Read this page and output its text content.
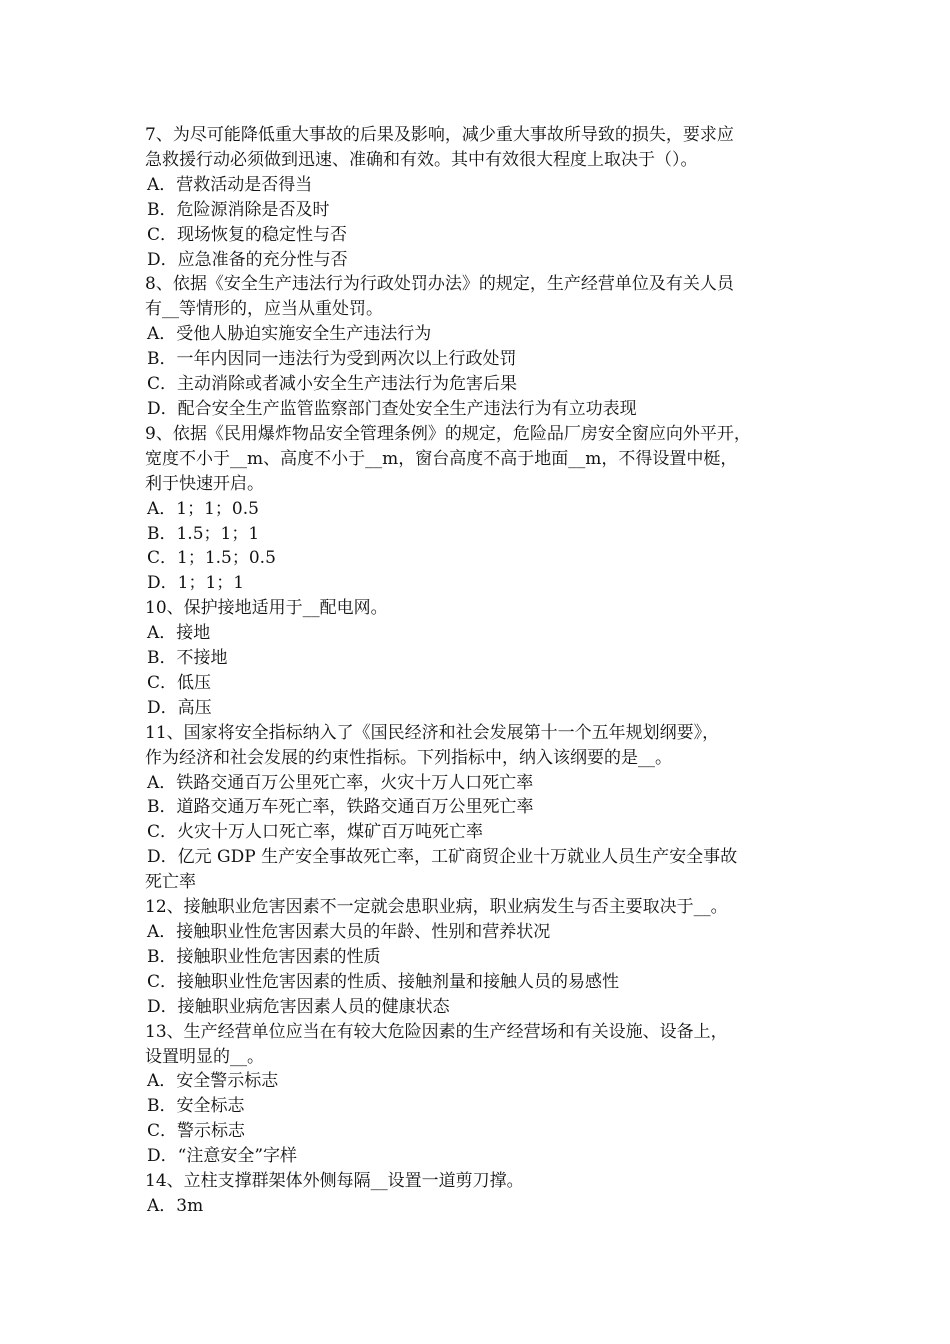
7、为尽可能降低重大事故的后果及影响，减少重大事故所导致的损失，要求应
急救援行动必须做到迅速、准确和有效。其中有效很大程度上取决于（）。
A．营救活动是否得当
B．危险源消除是否及时
C．现场恢复的稳定性与否
D．应急准备的充分性与否
8、依据《安全生产违法行为行政处罚办法》的规定，生产经营单位及有关人员
有__等情形的，应当从重处罚。
A．受他人胁迫实施安全生产违法行为
B．一年内因同一违法行为受到两次以上行政处罚
C．主动消除或者减小安全生产违法行为危害后果
D．配合安全生产监管监察部门查处安全生产违法行为有立功表现
9、依据《民用爆炸物品安全管理条例》的规定，危险品厂房安全窗应向外平开，
宽度不小于__m、高度不小于__m，窗台高度不高于地面__m，不得设置中梃，
利于快速开启。
A．1；1；0.5
B．1.5；1；1
C．1；1.5；0.5
D．1；1；1
10、保护接地适用于__配电网。
A．接地
B．不接地
C．低压
D．高压
11、国家将安全指标纳入了《国民经济和社会发展第十一个五年规划纲要》，
作为经济和社会发展的约束性指标。下列指标中，纳入该纲要的是__。
A．铁路交通百万公里死亡率，火灾十万人口死亡率
B．道路交通万车死亡率，铁路交通百万公里死亡率
C．火灾十万人口死亡率，煤矿百万吨死亡率
D．亿元 GDP 生产安全事故死亡率，工矿商贸企业十万就业人员生产安全事故
死亡率
12、接触职业危害因素不一定就会患职业病，职业病发生与否主要取决于__。
A．接触职业性危害因素大员的年龄、性别和营养状况
B．接触职业性危害因素的性质
C．接触职业性危害因素的性质、接触剂量和接触人员的易感性
D．接触职业病危害因素人员的健康状态
13、生产经营单位应当在有较大危险因素的生产经营场和有关设施、设备上，
设置明显的__。
A．安全警示标志
B．安全标志
C．警示标志
D．“注意安全”字样
14、立柱支撑群架体外侧每隔__设置一道剪刀撑。
A．3m
